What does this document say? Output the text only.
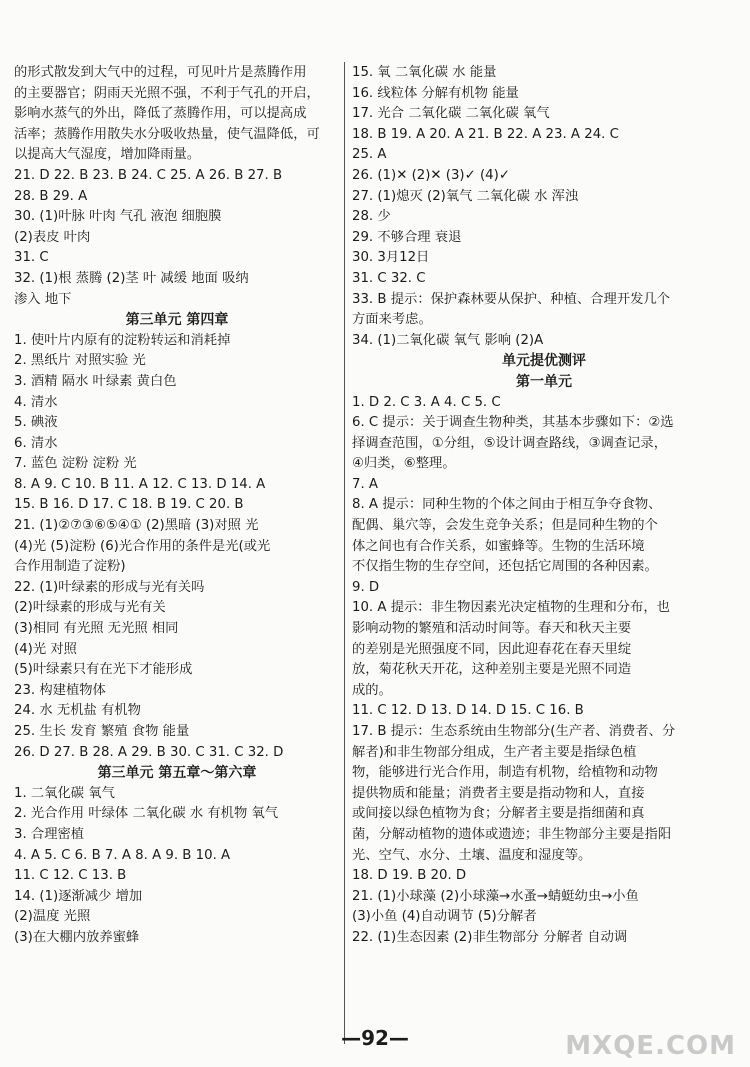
的形式散发到大气中的过程，可见叶片是蒸腾作用
的主要器官；阴雨天光照不强，不利于气孔的开启，
影响水蒸气的外出，降低了蒸腾作用，可以提高成
活率；蒸腾作用散失水分吸收热量，使气温降低，可
以提高大气湿度，增加降雨量。
21. D 22. B 23. B 24. C 25. A 26. B 27. B
28. B 29. A
30. (1)叶脉 叶肉 气孔 液泡 细胞膜
(2)表皮 叶肉
31. C
32. (1)根 蒸腾 (2)茎 叶 减缓 地面 吸纳
渗入 地下
第三单元 第四章
1. 使叶片内原有的淀粉转运和消耗掉
2. 黑纸片 对照实验 光
3. 酒精 隔水 叶绿素 黄白色
4. 清水
5. 碘液
6. 清水
7. 蓝色 淀粉 淀粉 光
8. A 9. C 10. B 11. A 12. C 13. D 14. A
15. B 16. D 17. C 18. B 19. C 20. B
21. (1)②⑦③⑥⑤④① (2)黑暗 (3)对照 光
(4)光 (5)淀粉 (6)光合作用的条件是光(或光
合作用制造了淀粉)
22. (1)叶绿素的形成与光有关吗
(2)叶绿素的形成与光有关
(3)相同 有光照 无光照 相同
(4)光 对照
(5)叶绿素只有在光下才能形成
23. 构建植物体
24. 水 无机盐 有机物
25. 生长 发育 繁殖 食物 能量
26. D 27. B 28. A 29. B 30. C 31. C 32. D
第三单元 第五章～第六章
1. 二氧化碳 氧气
2. 光合作用 叶绿体 二氧化碳 水 有机物 氧气
3. 合理密植
4. A 5. C 6. B 7. A 8. A 9. B 10. A
11. C 12. C 13. B
14. (1)逐渐减少 增加
(2)温度 光照
(3)在大棚内放养蜜蜂
15. 氧 二氧化碳 水 能量
16. 线粒体 分解有机物 能量
17. 光合 二氧化碳 二氧化碳 氧气
18. B 19. A 20. A 21. B 22. A 23. A 24. C
25. A
26. (1)✕ (2)✕ (3)✓ (4)✓
27. (1)熄灭 (2)氧气 二氧化碳 水 浑浊
28. 少
29. 不够合理 衰退
30. 3月12日
31. C 32. C
33. B 提示：保护森林要从保护、种植、合理开发几个
方面来考虑。
34. (1)二氧化碳 氧气 影响 (2)A
单元提优测评
第一单元
1. D 2. C 3. A 4. C 5. C
6. C 提示：关于调查生物种类，其基本步骤如下：②选
择调查范围，①分组，⑤设计调查路线，③调查记录，
④归类，⑥整理。
7. A
8. A 提示：同种生物的个体之间由于相互争夺食物、
配偶、巢穴等，会发生竞争关系；但是同种生物的个
体之间也有合作关系，如蜜蜂等。生物的生活环境
不仅指生物的生存空间，还包括它周围的各种因素。
9. D
10. A 提示：非生物因素光决定植物的生理和分布，也
影响动物的繁殖和活动时间等。春天和秋天主要
的差别是光照强度不同，因此迎春花在春天里绽
放，菊花秋天开花，这种差别主要是光照不同造
成的。
11. C 12. D 13. D 14. D 15. C 16. B
17. B 提示：生态系统由生物部分(生产者、消费者、分
解者)和非生物部分组成，生产者主要是指绿色植
物，能够进行光合作用，制造有机物，给植物和动物
提供物质和能量；消费者主要是指动物和人，直接
或间接以绿色植物为食；分解者主要是指细菌和真
菌，分解动植物的遗体或遗迹；非生物部分主要是指阳
光、空气、水分、土壤、温度和湿度等。
18. D 19. B 20. D
21. (1)小球藻 (2)小球藻→水蚤→蜻蜓幼虫→小鱼
(3)小鱼 (4)自动调节 (5)分解者
22. (1)生态因素 (2)非生物部分 分解者 自动调
—92—	MXQE.COM
